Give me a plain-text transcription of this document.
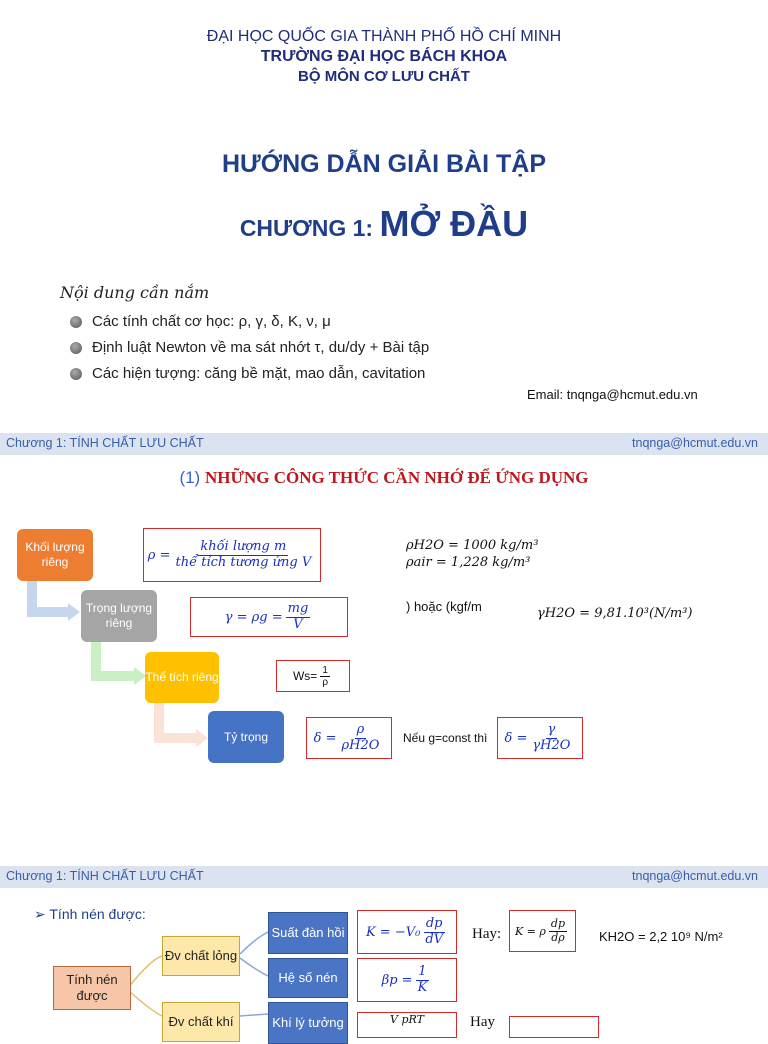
ĐẠI HỌC QUỐC GIA THÀNH PHỐ HỒ CHÍ MINH
TRƯỜNG ĐẠI HỌC BÁCH KHOA
BỘ MÔN CƠ LƯU CHẤT
HƯỚNG DẪN GIẢI BÀI TẬP
CHƯƠNG 1: MỞ ĐẦU
Nội dung cần nắm
Các tính chất cơ học: ρ, γ, δ, K, ν, μ
Định luật Newton về ma sát nhớt τ, du/dy + Bài tập
Các hiện tượng: căng bề mặt, mao dẫn, cavitation
Email: tnqnga@hcmut.edu.vn
Chương 1: TÍNH CHẤT LƯU CHẤT	tnqnga@hcmut.edu.vn
(1) NHỮNG CÔNG THỨC CẦN NHỚ ĐỂ ỨNG DỤNG
Khối lượng riêng
Trọng lượng riêng
Thể tích riêng
Tỷ trọng
$\rho = \frac{\text{khối lượng m}}{\text{thể tích tương ứng V}}$	ρH2O = 1000 kg/m³
ρair = 1,228 kg/m³
$\gamma = \rho g = \frac{mg}{V}$	) hoặc (kgf/m	γH2O = 9,81.10³(N/m³)
$Ws= \frac{1}{\rho}$
$\delta = \frac{\rho}{\rho H2O}$ Nếu g=const thì $\delta = \frac{\gamma}{\gamma H2O}$
Chương 1: TÍNH CHẤT LƯU CHẤT	tnqnga@hcmut.edu.vn
➢ Tính nén được:
Tính nén được
Đv chất lỏng
Đv chất khí
Suất đàn hồi
Hệ số nén
Khí lý tưởng
$K = -V_0 \frac{dp}{dV}$ Hay: K = ρ $\frac{dp}{d\rho} KH2O = 2,2$ 10⁹ N/m²
$\beta p = \frac{1}{K}$
V pRT	Hay
